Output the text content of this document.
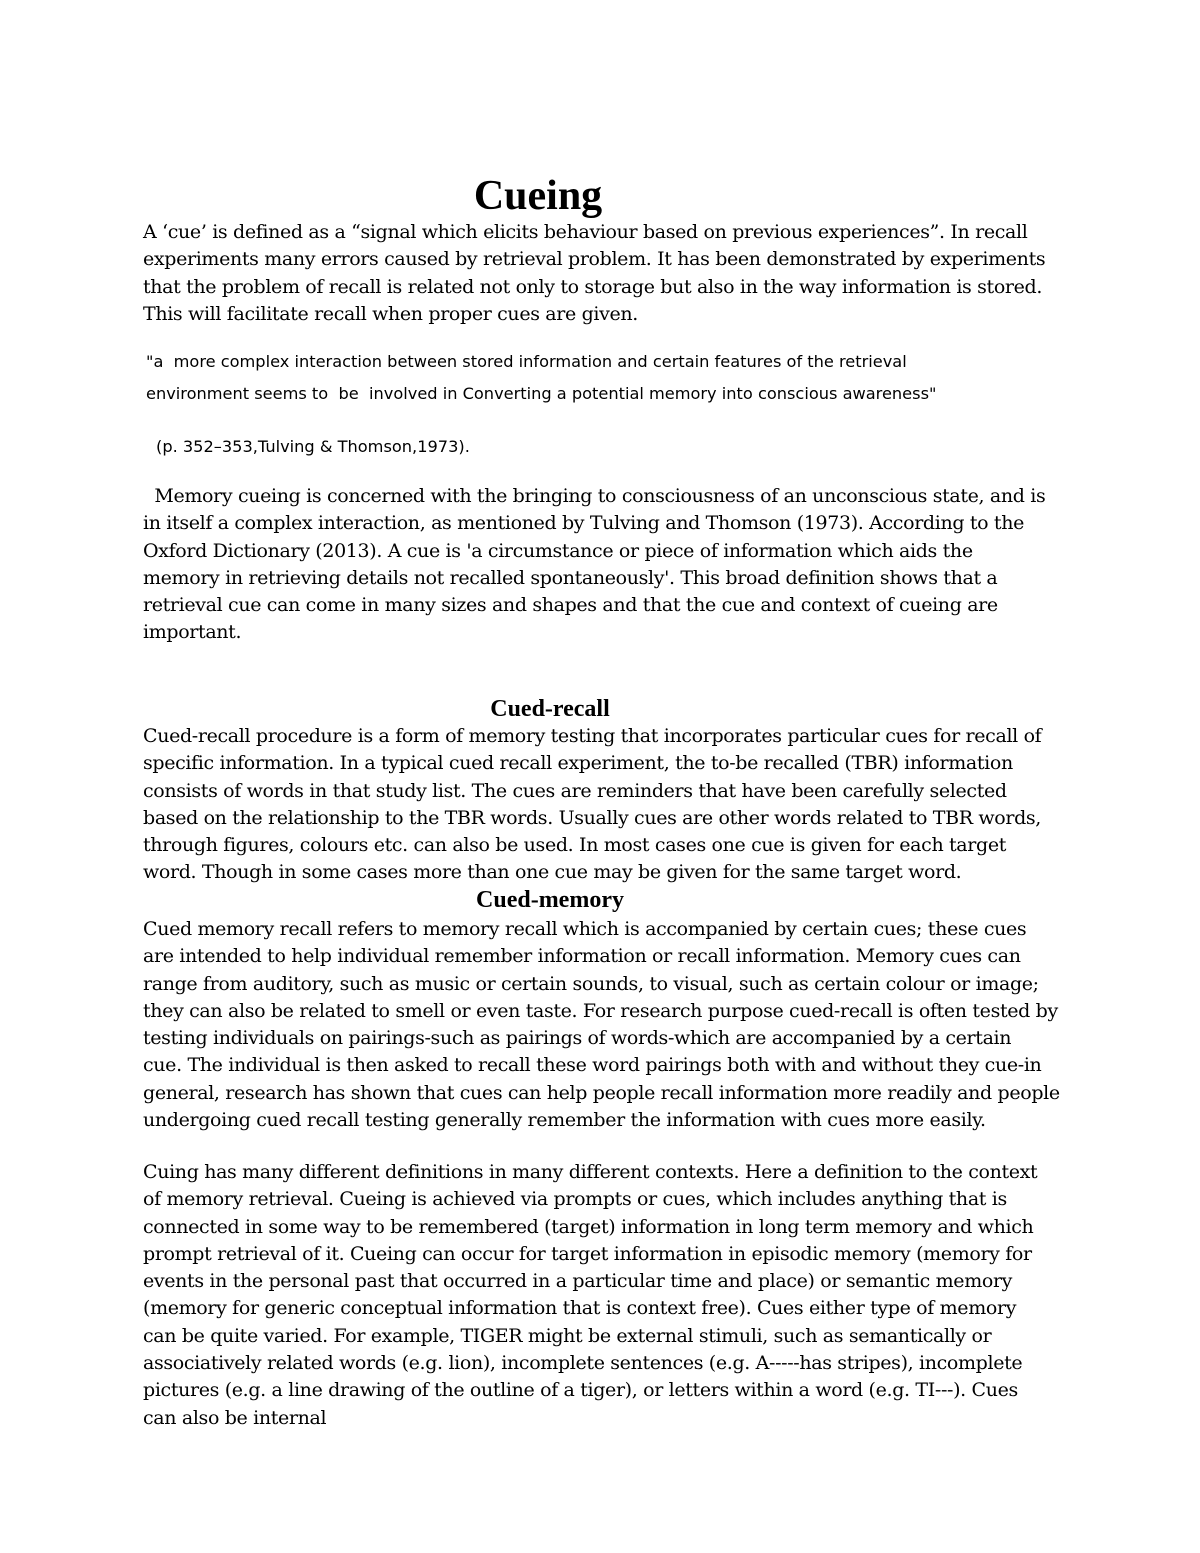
Cueing

A ‘cue’ is defined as a “signal which elicits behaviour based on previous experiences”. In recall
experiments many errors caused by retrieval problem. It has been demonstrated by experiments
that the problem of recall is related not only to storage but also in the way information is stored.
This will facilitate recall when proper cues are given.

"a  more complex interaction between stored information and certain features of the retrieval
environment seems to  be  involved in Converting a potential memory into conscious awareness"

(p. 352–353,Tulving & Thomson,1973).

Memory cueing is concerned with the bringing to consciousness of an unconscious state, and is
in itself a complex interaction, as mentioned by Tulving and Thomson (1973). According to the
Oxford Dictionary (2013). A cue is 'a circumstance or piece of information which aids the
memory in retrieving details not recalled spontaneously'. This broad definition shows that a
retrieval cue can come in many sizes and shapes and that the cue and context of cueing are
important.

Cued-recall

Cued-recall procedure is a form of memory testing that incorporates particular cues for recall of
specific information. In a typical cued recall experiment, the to-be recalled (TBR) information
consists of words in that study list. The cues are reminders that have been carefully selected
based on the relationship to the TBR words. Usually cues are other words related to TBR words,
through figures, colours etc. can also be used. In most cases one cue is given for each target
word. Though in some cases more than one cue may be given for the same target word.

Cued-memory

Cued memory recall refers to memory recall which is accompanied by certain cues; these cues
are intended to help individual remember information or recall information. Memory cues can
range from auditory, such as music or certain sounds, to visual, such as certain colour or image;
they can also be related to smell or even taste. For research purpose cued-recall is often tested by
testing individuals on pairings-such as pairings of words-which are accompanied by a certain
cue. The individual is then asked to recall these word pairings both with and without they cue-in
general, research has shown that cues can help people recall information more readily and people
undergoing cued recall testing generally remember the information with cues more easily.

Cuing has many different definitions in many different contexts. Here a definition to the context
of memory retrieval. Cueing is achieved via prompts or cues, which includes anything that is
connected in some way to be remembered (target) information in long term memory and which
prompt retrieval of it. Cueing can occur for target information in episodic memory (memory for
events in the personal past that occurred in a particular time and place) or semantic memory
(memory for generic conceptual information that is context free). Cues either type of memory
can be quite varied. For example, TIGER might be external stimuli, such as semantically or
associatively related words (e.g. lion), incomplete sentences (e.g. A-----has stripes), incomplete
pictures (e.g. a line drawing of the outline of a tiger), or letters within a word (e.g. TI---). Cues
can also be internal
